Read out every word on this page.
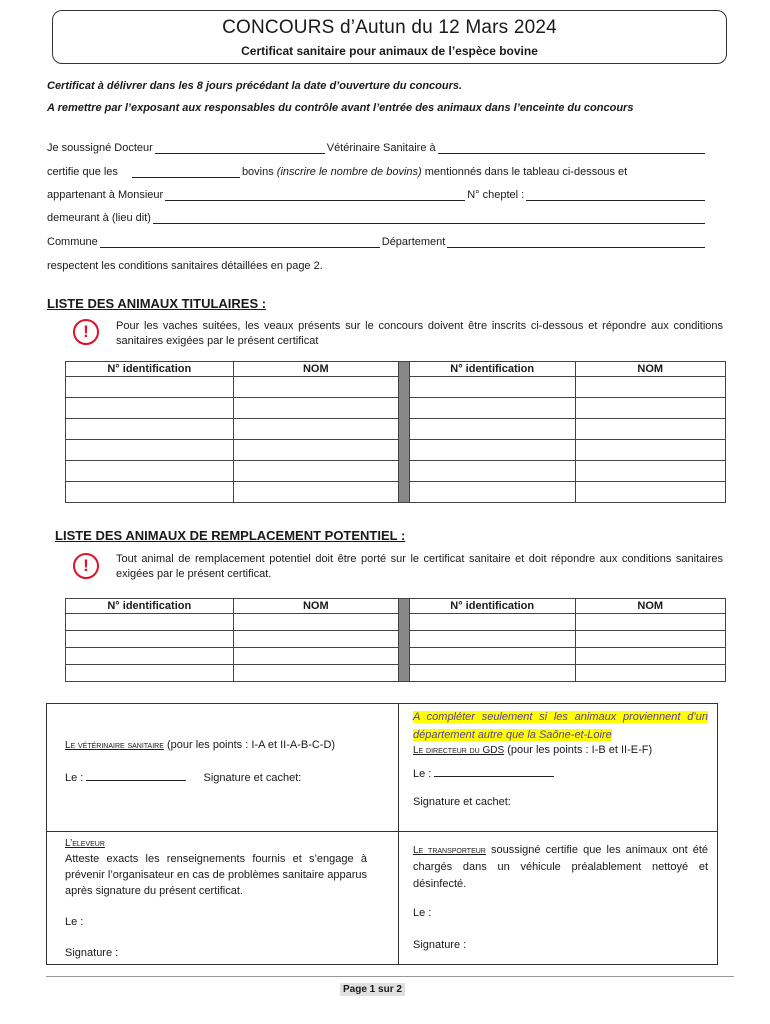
CONCOURS d’Autun du 12 Mars 2024
Certificat sanitaire pour animaux de l’espèce bovine
Certificat à délivrer dans les 8 jours précédant la date d’ouverture du concours.
A remettre par l’exposant aux responsables du contrôle avant l’entrée des animaux dans l’enceinte du concours
Je soussigné Docteur	Vétérinaire Sanitaire à
certifie que les	bovins
(inscrire le nombre de bovins)
mentionnés dans le tableau ci-dessous et
appartenant à Monsieur	N° cheptel :
demeurant à (lieu dit)
Commune	Département
respectent les conditions sanitaires détaillées en page 2.
LISTE DES ANIMAUX TITULAIRES :
!	Pour les vaches suitées, les veaux présents sur le concours doivent être inscrits ci-dessous et répondre aux conditions sanitaires exigées par le présent certificat
N° identification	NOM		N° identification	NOM

LISTE DES ANIMAUX DE REMPLACEMENT POTENTIEL :
!	Tout animal de remplacement potentiel doit être porté sur le certificat sanitaire et doit répondre aux conditions sanitaires exigées par le présent certificat.
N° identification	NOM		N° identification	NOM

Le vétérinaire sanitaire (pour les points : I-A et II-A-B-C-D)
Le :	Signature et cachet:
A compléter seulement si les animaux proviennent d’un département autre que la Saône-et-Loire
Le directeur du GDS (pour les points : I-B et II-E-F)
Le :
Signature et cachet:
L’eleveur
Atteste exacts les renseignements fournis et s’engage à prévenir l’organisateur en cas de problèmes sanitaire apparus après signature du présent certificat.
Le :
Signature :
Le transporteur soussigné certifie que les animaux ont été chargés dans un véhicule préalablement nettoyé et désinfecté.
Le :
Signature :
Page 1 sur 2
